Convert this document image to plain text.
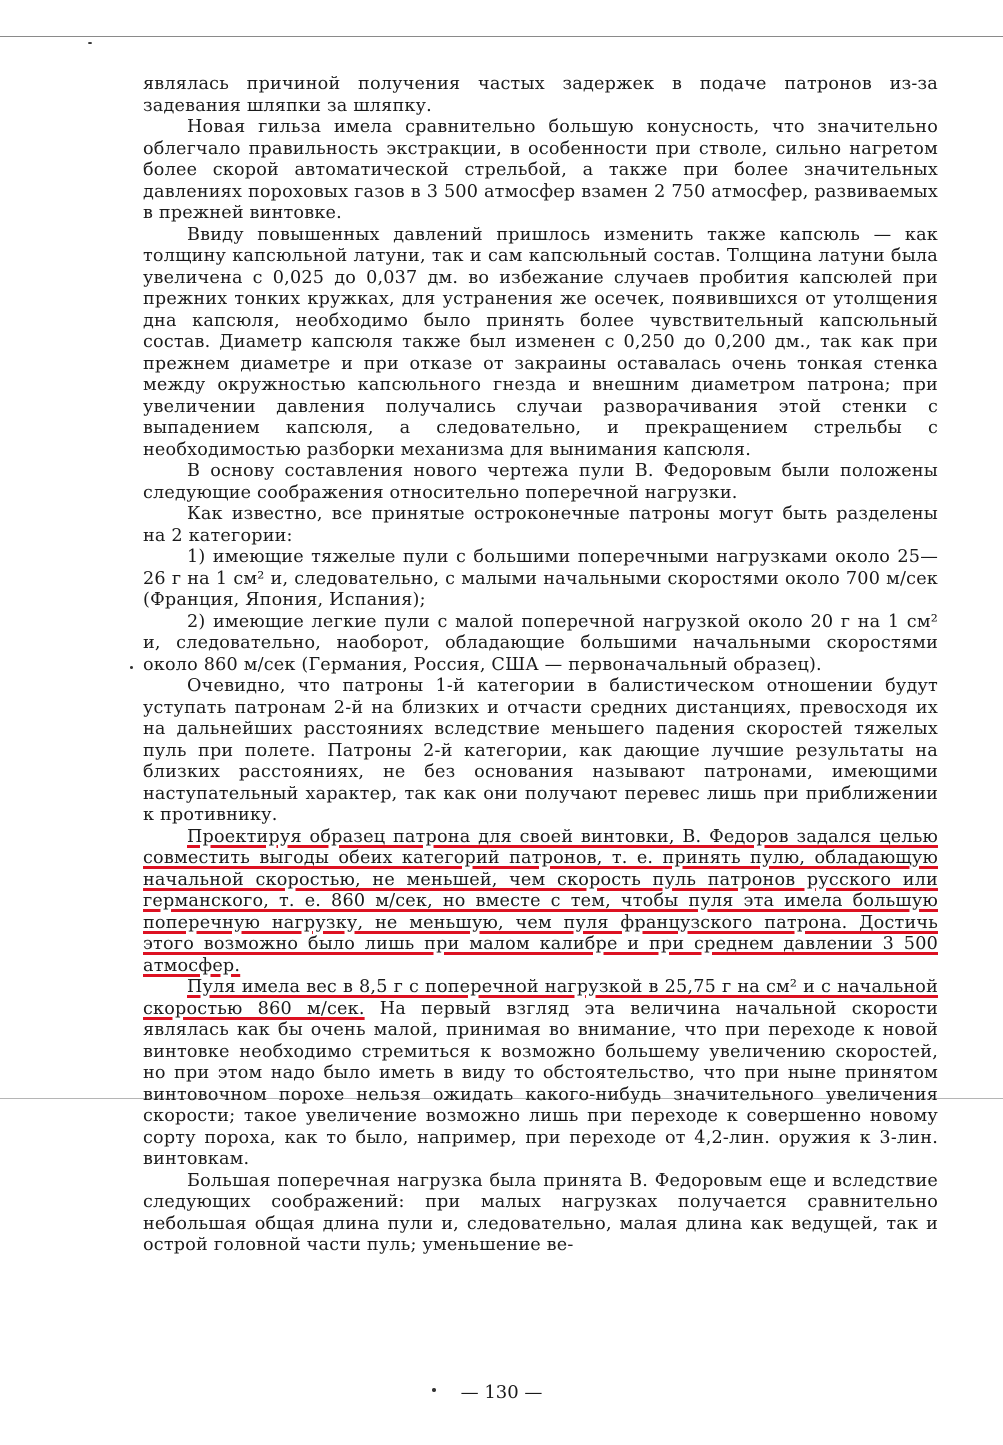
являлась причиной получения частых задержек в подаче патронов из-за задевания шляпки за шляпку.

Новая гильза имела сравнительно большую конусность, что значительно облегчало правильность экстракции, в особенности при стволе, сильно нагретом более скорой автоматической стрельбой, а также при более значительных давлениях пороховых газов в 3 500 атмосфер взамен 2 750 атмосфер, развиваемых в прежней винтовке.

Ввиду повышенных давлений пришлось изменить также капсюль — как толщину капсюльной латуни, так и сам капсюльный состав. Толщина латуни была увеличена с 0,025 до 0,037 дм. во избежание случаев пробития капсюлей при прежних тонких кружках, для устранения же осечек, появившихся от утолщения дна капсюля, необходимо было принять более чувствительный капсюльный состав. Диаметр капсюля также был изменен с 0,250 до 0,200 дм., так как при прежнем диаметре и при отказе от закраины оставалась очень тонкая стенка между окружностью капсюльного гнезда и внешним диаметром патрона; при увеличении давления получались случаи разворачивания этой стенки с выпадением капсюля, а следовательно, и прекращением стрельбы с необходимостью разборки механизма для вынимания капсюля.

В основу составления нового чертежа пули В. Федоровым были положены следующие соображения относительно поперечной нагрузки.

Как известно, все принятые остроконечные патроны могут быть разделены на 2 категории:

1) имеющие тяжелые пули с большими поперечными нагрузками около 25—26 г на 1 см² и, следовательно, с малыми начальными скоростями около 700 м/сек (Франция, Япония, Испания);

2) имеющие легкие пули с малой поперечной нагрузкой около 20 г на 1 см² и, следовательно, наоборот, обладающие большими начальными скоростями около 860 м/сек (Германия, Россия, США — первоначальный образец).

Очевидно, что патроны 1-й категории в балистическом отношении будут уступать патронам 2-й на близких и отчасти средних дистанциях, превосходя их на дальнейших расстояниях вследствие меньшего падения скоростей тяжелых пуль при полете. Патроны 2-й категории, как дающие лучшие результаты на близких расстояниях, не без основания называют патронами, имеющими наступательный характер, так как они получают перевес лишь при приближении к противнику.

Проектируя образец патрона для своей винтовки, В. Федоров задался целью совместить выгоды обеих категорий патронов, т. е. принять пулю, обладающую начальной скоростью, не меньшей, чем скорость пуль патронов русского или германского, т. е. 860 м/сек, но вместе с тем, чтобы пуля эта имела большую поперечную нагрузку, не меньшую, чем пуля французского патрона. Достичь этого возможно было лишь при малом калибре и при среднем давлении 3 500 атмосфер.

Пуля имела вес в 8,5 г с поперечной нагрузкой в 25,75 г на см² и с начальной скоростью 860 м/сек. На первый взгляд эта величина начальной скорости являлась как бы очень малой, принимая во внимание, что при переходе к новой винтовке необходимо стремиться к возможно большему увеличению скоростей, но при этом надо было иметь в виду то обстоятельство, что при ныне принятом винтовочном порохе нельзя ожидать какого-нибудь значительного увеличения скорости; такое увеличение возможно лишь при переходе к совершенно новому сорту пороха, как то было, например, при переходе от 4,2-лин. оружия к 3-лин. винтовкам.

Большая поперечная нагрузка была принята В. Федоровым еще и вследствие следующих соображений: при малых нагрузках получается сравнительно небольшая общая длина пули и, следовательно, малая длина как ведущей, так и острой головной части пуль; уменьшение ве-

— 130 —
